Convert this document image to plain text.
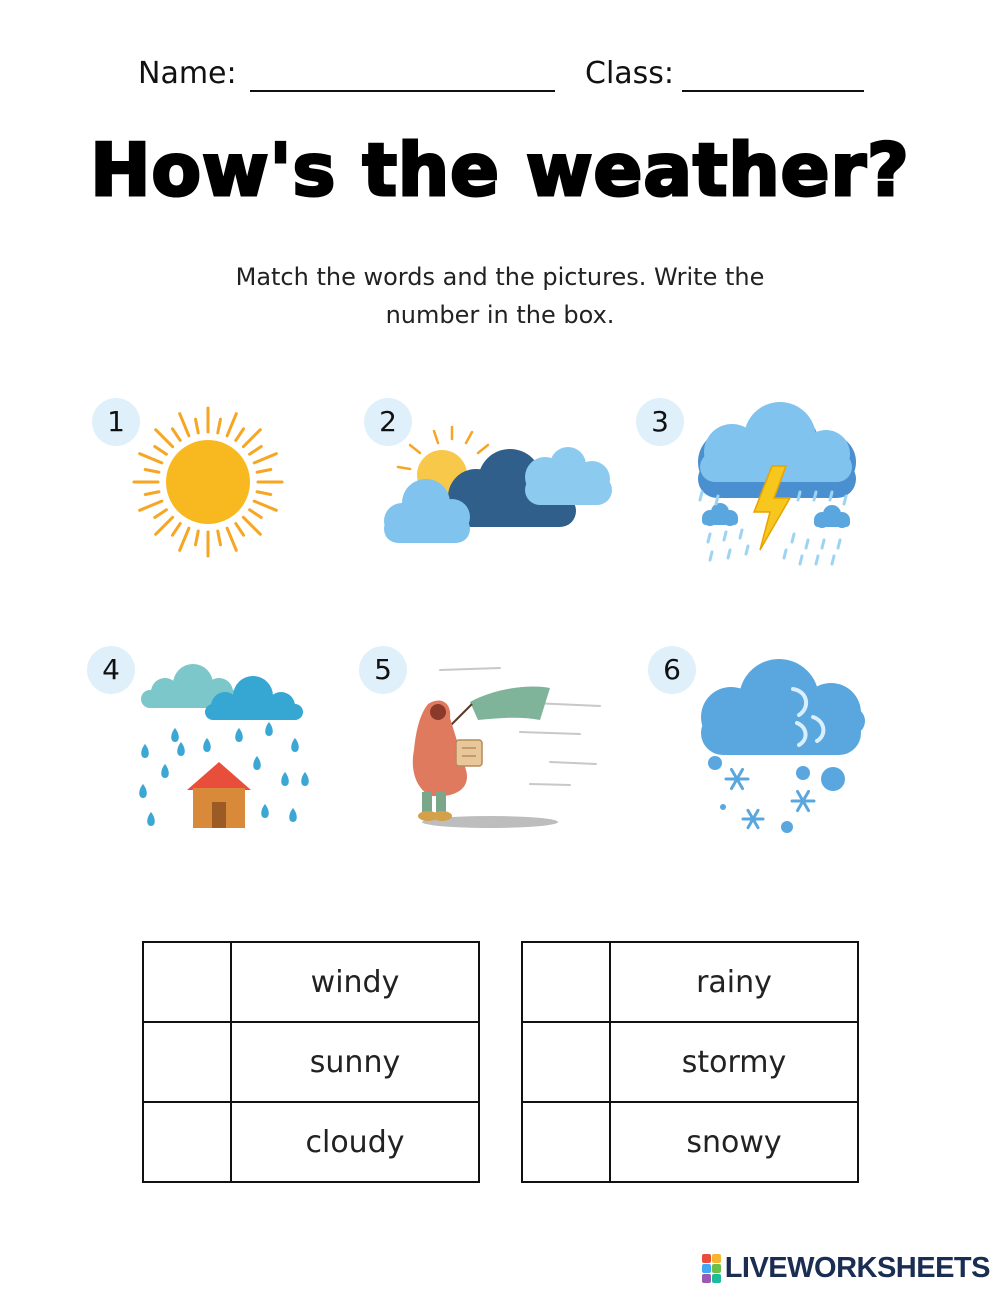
Name:	Class:
How's the weather?
Match the words and the pictures. Write the
number in the box.
1	2	3
4	5	6
	windy
	sunny
	cloudy
	rainy
	stormy
	snowy
LIVEWORKSHEETS
